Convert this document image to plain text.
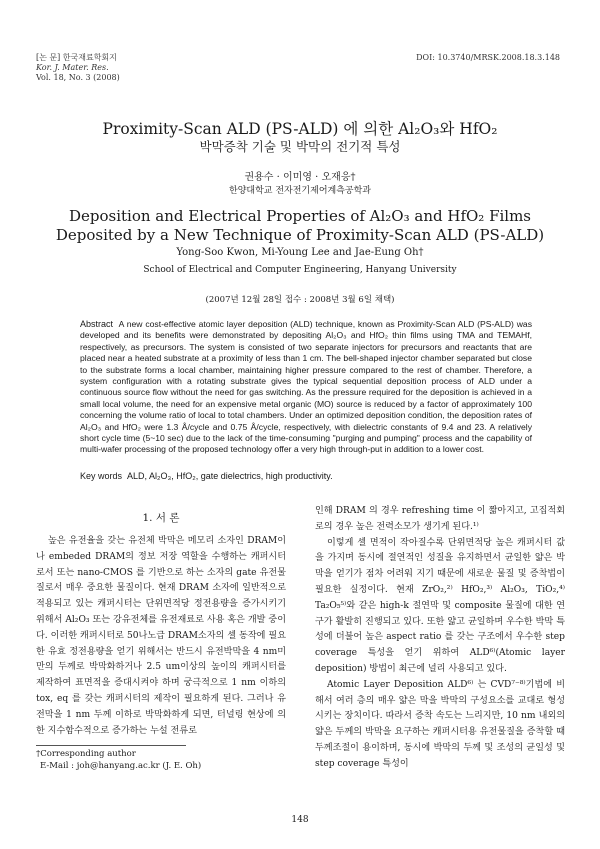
[논 문] 한국재료학회지
Kor. J. Mater. Res.
Vol. 18, No. 3 (2008)
DOI: 10.3740/MRSK.2008.18.3.148
Proximity-Scan ALD (PS-ALD) 에 의한 Al₂O₃와 HfO₂
박막증착 기술 및 박막의 전기적 특성
권용수 · 이미영 · 오재응†
한양대학교 전자전기제어계측공학과
Deposition and Electrical Properties of Al₂O₃ and HfO₂ Films Deposited by a New Technique of Proximity-Scan ALD (PS-ALD)
Yong-Soo Kwon, Mi-Young Lee and Jae-Eung Oh†
School of Electrical and Computer Engineering, Hanyang University
(2007년 12월 28일 접수 : 2008년 3월 6일 채택)
Abstract A new cost-effective atomic layer deposition (ALD) technique, known as Proximity-Scan ALD (PS-ALD) was developed and its benefits were demonstrated by depositing Al₂O₃ and HfO₂ thin films using TMA and TEMAHf, respectively, as precursors. The system is consisted of two separate injectors for precursors and reactants that are placed near a heated substrate at a proximity of less than 1 cm. The bell-shaped injector chamber separated but close to the substrate forms a local chamber, maintaining higher pressure compared to the rest of chamber. Therefore, a system configuration with a rotating substrate gives the typical sequential deposition process of ALD under a continuous source flow without the need for gas switching. As the pressure required for the deposition is achieved in a small local volume, the need for an expensive metal organic (MO) source is reduced by a factor of approximately 100 concerning the volume ratio of local to total chambers. Under an optimized deposition condition, the deposition rates of Al₂O₃ and HfO₂ were 1.3 Å/cycle and 0.75 Å/cycle, respectively, with dielectric constants of 9.4 and 23. A relatively short cycle time (5~10 sec) due to the lack of the time-consuming "purging and pumping" process and the capability of multi-wafer processing of the proposed technology offer a very high through-put in addition to a lower cost.
Key words ALD, Al₂O₃, HfO₂, gate dielectrics, high productivity.
1. 서 론

높은 유전율을 갖는 유전체 박막은 메모리 소자인 DRAM이나 embeded DRAM의 정보 저장 역할을 수행하는 캐퍼시터로서 또는 nano-CMOS 를 기반으로 하는 소자의 gate 유전물질로서 매우 중요한 물질이다. 현재 DRAM 소자에 일반적으로 적용되고 있는 캐퍼시터는 단위면적당 정전용량을 증가시키기 위해서 Al₂O₃ 또는 강유전체를 유전재료로 사용 혹은 개발 중이다. 이러한 캐퍼시터로 50나노급 DRAM소자의 셀 동작에 필요한 유효 정전용량을 얻기 위해서는 반드시 유전박막을 4 nm미만의 두께로 박막화하거나 2.5 um이상의 높이의 캐퍼시터를 제작하여 표면적을 증대시켜야 하며 궁극적으로 1 nm 이하의 tox, eq 를 갖는 캐퍼시터의 제작이 필요하게 된다. 그러나 유전막을 1 nm 두께 이하로 박막화하게 되면, 터널링 현상에 의한 지수함수적으로 증가하는 누설 전류로

인해 DRAM 의 경우 refreshing time 이 짧아지고, 고집적회로의 경우 높은 전력소모가 생기게 된다.¹⁾

이렇게 셀 면적이 작아질수록 단위면적당 높은 캐퍼시터 값을 가지며 동시에 절연적인 성질을 유지하면서 균일한 얇은 박막을 얻기가 점차 어려워 지기 때문에 새로운 물질 및 증착법이 필요한 실정이다. 현재 ZrO₂,²⁾ HfO₂,³⁾ Al₂O₃, TiO₂,⁴⁾ Ta₂O₅⁵⁾와 같은 high-k 절연막 및 composite 물질에 대한 연구가 활발히 진행되고 있다. 또한 얇고 균일하며 우수한 박막 특성에 더불어 높은 aspect ratio 를 갖는 구조에서 우수한 step coverage 특성을 얻기 위하여 ALD⁶⁾(Atomic layer deposition) 방법이 최근에 널리 사용되고 있다.

Atomic Layer Deposition ALD⁶⁾ 는 CVD⁷⁻⁸⁾기법에 비해서 여러 층의 매우 얇은 막을 박막의 구성요소를 교대로 형성시키는 장치이다. 따라서 증착 속도는 느리지만, 10 nm 내외의 얇은 두께의 박막을 요구하는 캐퍼시터용 유전물질을 증착할 때 두께조절이 용이하며, 동시에 박막의 두께 및 조성의 균일성 및 step coverage 특성이

†Corresponding author
E-Mail : joh@hanyang.ac.kr (J. E. Oh)
148
